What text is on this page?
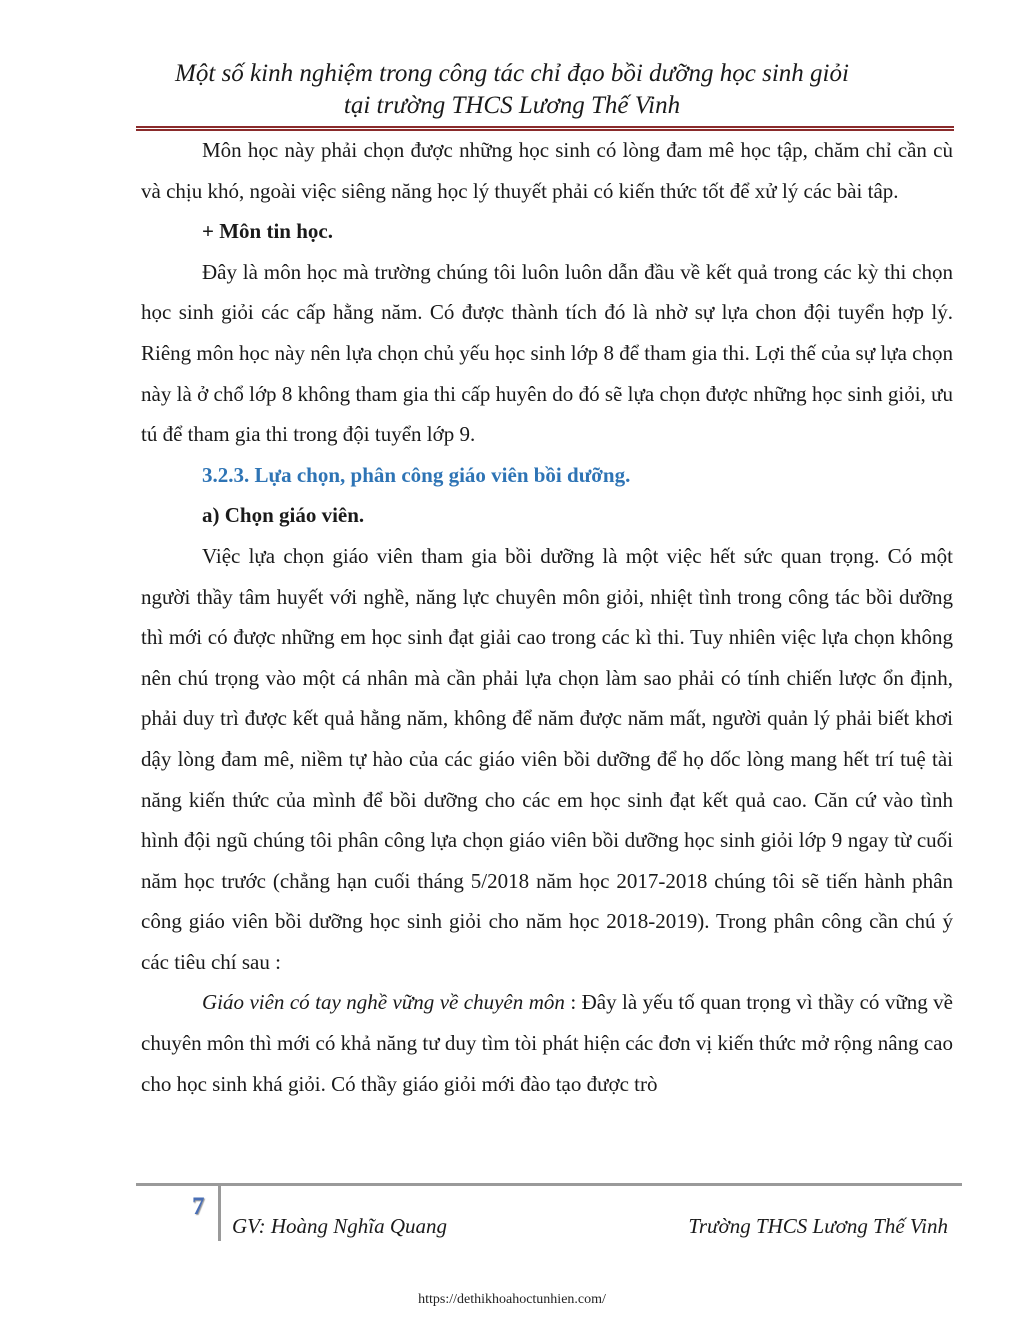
Một số kinh nghiệm trong công tác chỉ đạo bồi dưỡng học sinh giỏi
tại trường THCS Lương Thế Vinh

Môn học này phải chọn được những học sinh có lòng đam mê học tập, chăm chỉ cần cù và chịu khó, ngoài việc siêng năng học lý thuyết phải có kiến thức tốt để xử lý các bài tâp.

+ Môn tin học.

Đây là môn học mà trường chúng tôi luôn luôn dẫn đầu về kết quả trong các kỳ thi chọn học sinh giỏi các cấp hằng năm. Có được thành tích đó là nhờ sự lựa chon đội tuyển hợp lý. Riêng môn học này nên lựa chọn chủ yếu học sinh lớp 8 để tham gia thi. Lợi thế của sự lựa chọn này là ở chổ lớp 8 không tham gia thi cấp huyên do đó sẽ lựa chọn được những học sinh giỏi, ưu tú để tham gia thi trong đội tuyển lớp 9.

3.2.3. Lựa chọn, phân công giáo viên bồi dưỡng.

a) Chọn giáo viên.

Việc lựa chọn giáo viên tham gia bồi dưỡng là một việc hết sức quan trọng. Có một người thầy tâm huyết với nghề, năng lực chuyên môn giỏi, nhiệt tình trong công tác bồi dưỡng thì mới có được những em học sinh đạt giải cao trong các kì thi. Tuy nhiên việc lựa chọn không nên chú trọng vào một cá nhân mà cần phải lựa chọn làm sao phải có tính chiến lược ổn định, phải duy trì được kết quả hằng năm, không để năm được năm mất, người quản lý phải biết khơi dậy lòng đam mê, niềm tự hào của các giáo viên bồi dưỡng để họ dốc lòng mang hết trí tuệ tài năng kiến thức của mình để bồi dưỡng cho các em học sinh đạt kết quả cao. Căn cứ vào tình hình đội ngũ chúng tôi phân công lựa chọn giáo viên bồi dưỡng học sinh giỏi lớp 9 ngay từ cuối năm học trước (chẳng hạn cuối tháng 5/2018 năm học 2017-2018 chúng tôi sẽ tiến hành phân công giáo viên bồi dưỡng học sinh giỏi cho năm học 2018-2019). Trong phân công cần chú ý các tiêu chí sau :

Giáo viên có tay nghề vững về chuyên môn : Đây là yếu tố quan trọng vì thầy có vững về chuyên môn thì mới có khả năng tư duy tìm tòi phát hiện các đơn vị kiến thức mở rộng nâng cao cho học sinh khá giỏi. Có thầy giáo giỏi mới đào tạo được trò

7
GV: Hoàng Nghĩa Quang	Trường THCS Lương Thế Vinh
https://dethikhoahoctunhien.com/
